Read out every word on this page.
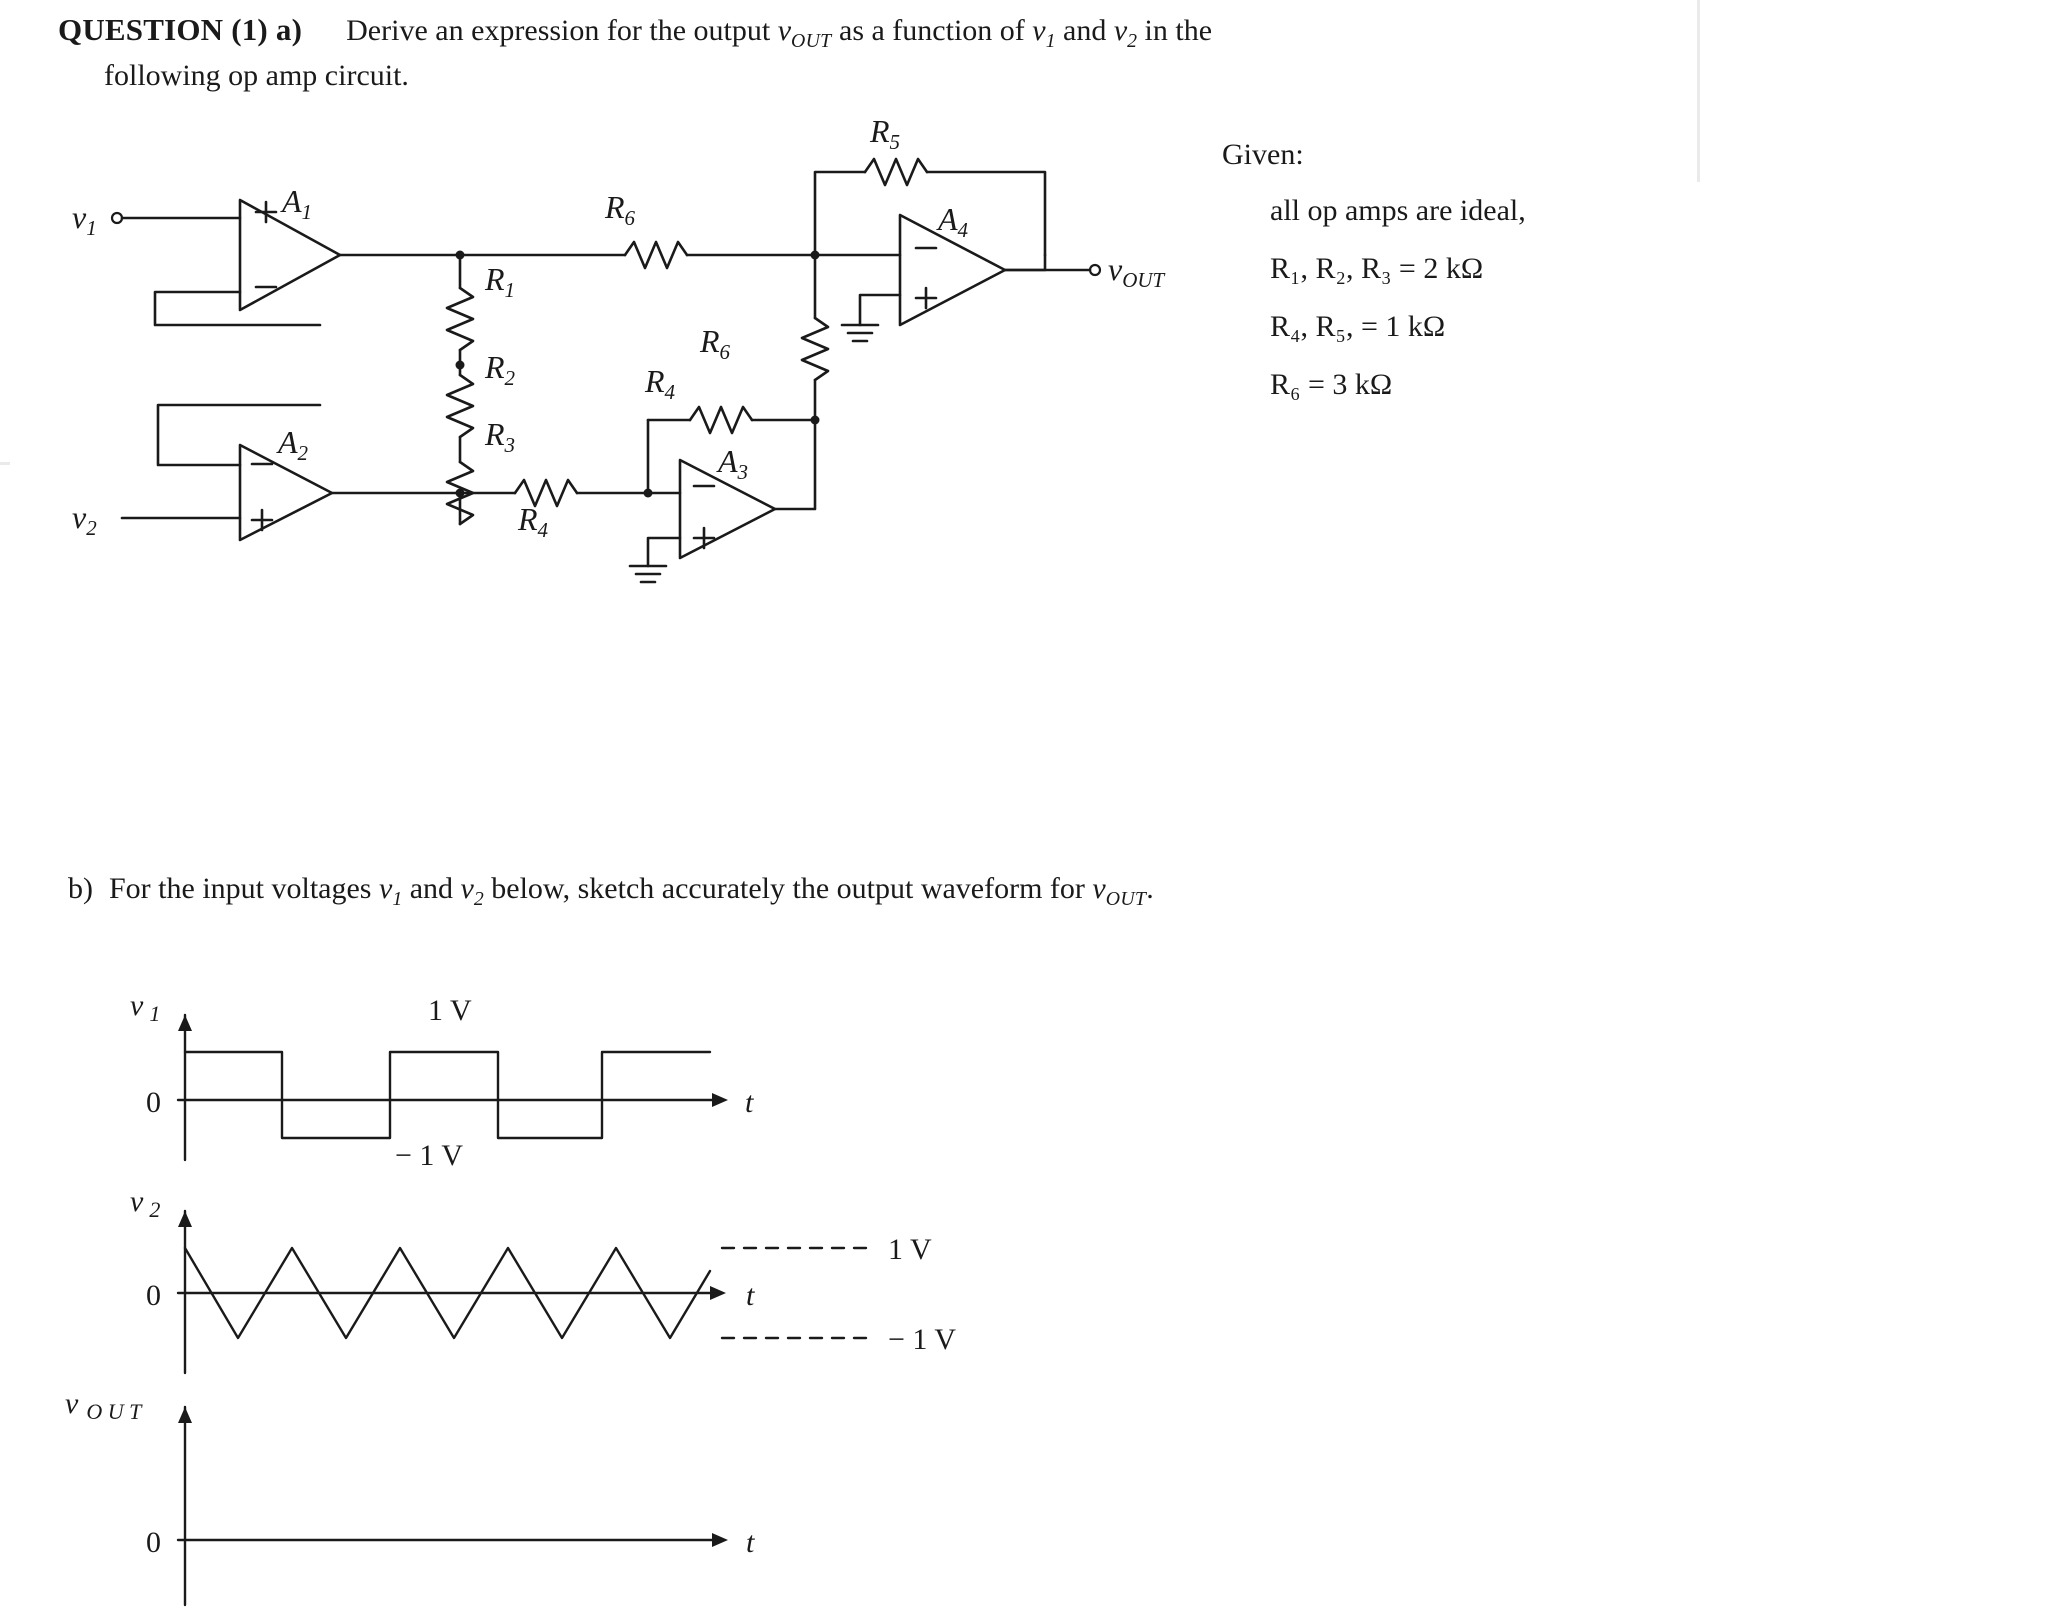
QUESTION (1) a) Derive an expression for the output $v_{OUT}$ as a function of $v_1$ and $v_2$ in the
following op amp circuit.
Given:
all op amps are ideal,
R₁, R₂, R₃ = 2 kΩ
R₄, R₅, = 1 kΩ
R₆ = 3 kΩ
$v_1$
$v_2$
$A_1$
$A_2$	$A_3$
$A_4$
$R_1$
$R_2$
$R_3$
$R_4$
$R_4$
$R_5$
$R_6$
$R_6$
$v_{OUT}$
b) For the input voltages $v_1$ and $v_2$ below, sketch accurately the output waveform for $v_{OUT}$.
v $_1$
0	t
1 V
− 1 V
v $_2$
0	t
1 V
− 1 V
v $_{O U T}$
0	t
